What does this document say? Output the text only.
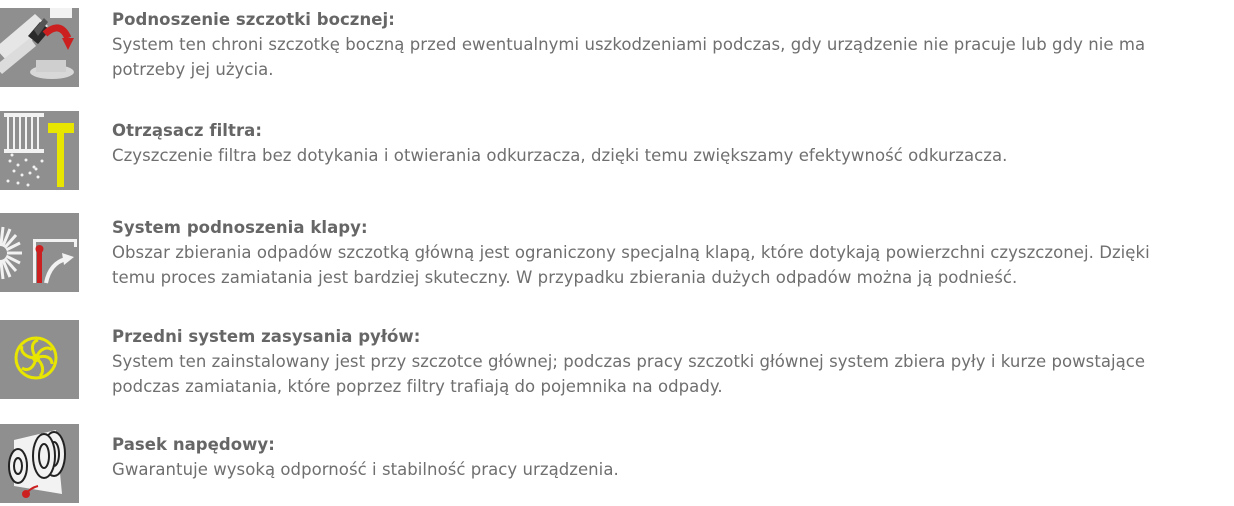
Podnoszenie szczotki bocznej:
System ten chroni szczotkę boczną przed ewentualnymi uszkodzeniami podczas, gdy urządzenie nie pracuje lub gdy nie ma
potrzeby jej użycia.
Otrząsacz filtra:
Czyszczenie filtra bez dotykania i otwierania odkurzacza, dzięki temu zwiększamy efektywność odkurzacza.
System podnoszenia klapy:
Obszar zbierania odpadów szczotką główną jest ograniczony specjalną klapą, które dotykają powierzchni czyszczonej. Dzięki
temu proces zamiatania jest bardziej skuteczny. W przypadku zbierania dużych odpadów można ją podnieść.
Przedni system zasysania pyłów:
System ten zainstalowany jest przy szczotce głównej; podczas pracy szczotki głównej system zbiera pyły i kurze powstające
podczas zamiatania, które poprzez filtry trafiają do pojemnika na odpady.
Pasek napędowy:
Gwarantuje wysoką odporność i stabilność pracy urządzenia.
